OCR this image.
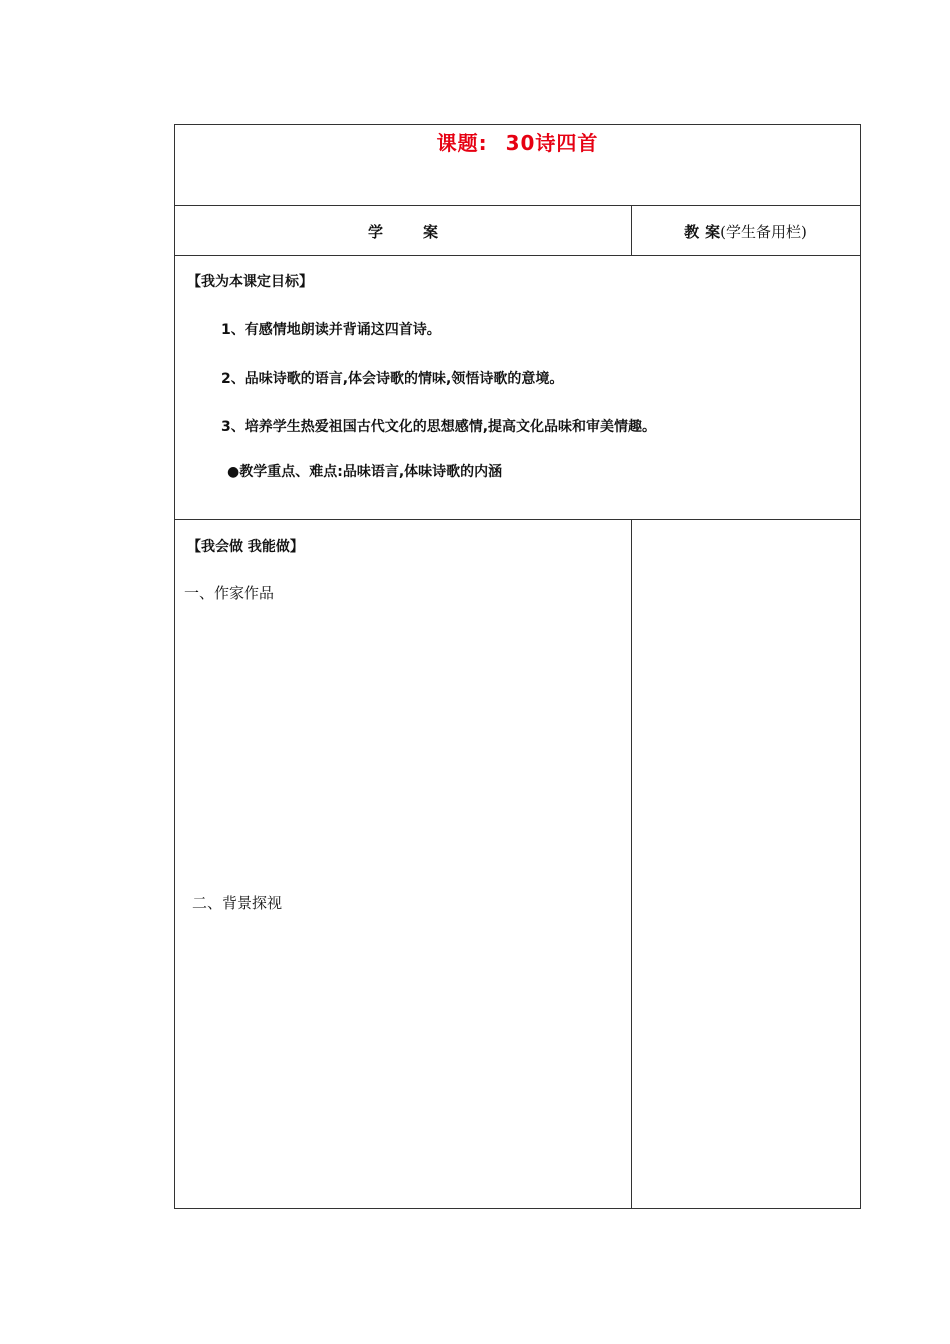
课题: 30诗四首
学	案	教 案(学生备用栏)
【我为本课定目标】
1、有感情地朗读并背诵这四首诗。
2、品味诗歌的语言,体会诗歌的情味,领悟诗歌的意境。
3、培养学生热爱祖国古代文化的思想感情,提高文化品味和审美情趣。
●教学重点、难点:品味语言,体味诗歌的内涵
【我会做 我能做】
一、作家作品
二、背景探视
